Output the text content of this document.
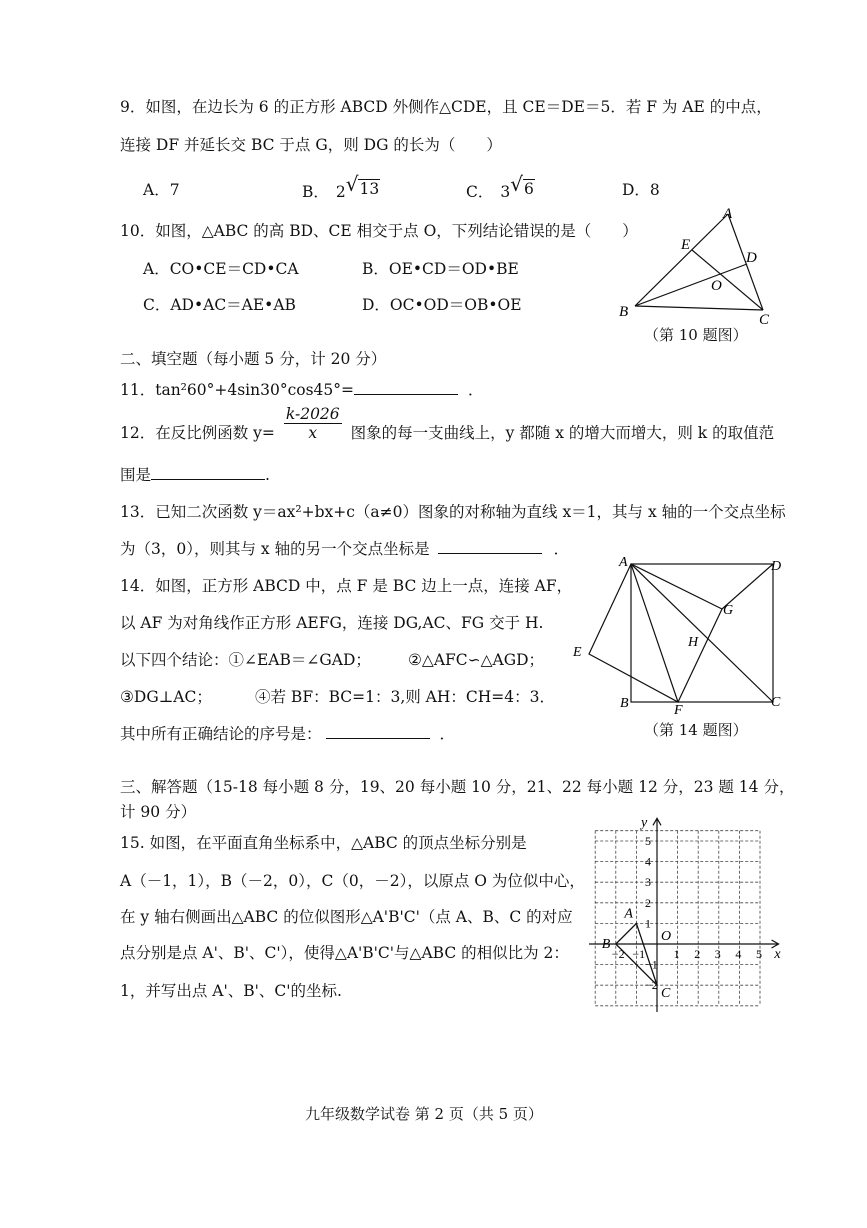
9．如图，在边长为 6 的正方形 ABCD 外侧作△CDE，且 CE＝DE＝5．若 F 为 AE 的中点，
连接 DF 并延长交 BC 于点 G，则 DG 的长为（　　）
A．7	B． 2√13	C． 3√6	D．8
10．如图，△ABC 的高 BD、CE 相交于点 O，下列结论错误的是（　　）
A．CO•CE＝CD•CA	B．OE•CD＝OD•BE
C．AD•AC＝AE•AB	D．OC•OD＝OB•OE
A
E
D
O
B	C
（第 10 题图）
二、填空题（每小题 5 分，计 20 分）
11．tan²60°+4sin30°cos45°=	．
12．在反比例函数 $y= \frac{k-2026}{x}$ 图象的每一支曲线上，y 都随 x 的增大而增大，则 k 的取值范
围是	.
13．已知二次函数 y＝ax²+bx+c（a≠0）图象的对称轴为直线 x＝1，其与 x 轴的一个交点坐标
为（3，0），则其与 x 轴的另一个交点坐标是	．
14．如图，正方形 ABCD 中，点 F 是 BC 边上一点，连接 AF，
以 AF 为对角线作正方形 AEFG，连接 DG,AC、FG 交于 H.
以下四个结论：①∠EAB＝∠GAD； ②△AFC∽△AGD；
③DG⊥AC；	④若 BF：BC=1：3,则 AH：CH=4：3．
其中所有正确结论的序号是：	．
A	D
G
H
E
B	F
C
（第 14 题图）
三、解答题（15-18 每小题 8 分，19、20 每小题 10 分，21、22 每小题 12 分，23 题 14 分，
计 90 分）
15. 如图，在平面直角坐标系中，△ABC 的顶点坐标分别是
A（－1，1），B（－2，0），C（0，－2），以原点 O 为位似中心，
在 y 轴右侧画出△ABC 的位似图形△A'B'C'（点 A、B、C 的对应
点分别是点 A'、B'、C'），使得△A'B'C'与△ABC 的相似比为 2：
1，并写出点 A'、B'、C'的坐标.
−2 −1 1 2 3 4 5
5
4
3
2
1
−1
−2
x
y
O
A
B
C
九年级数学试卷 第 2 页（共 5 页）
